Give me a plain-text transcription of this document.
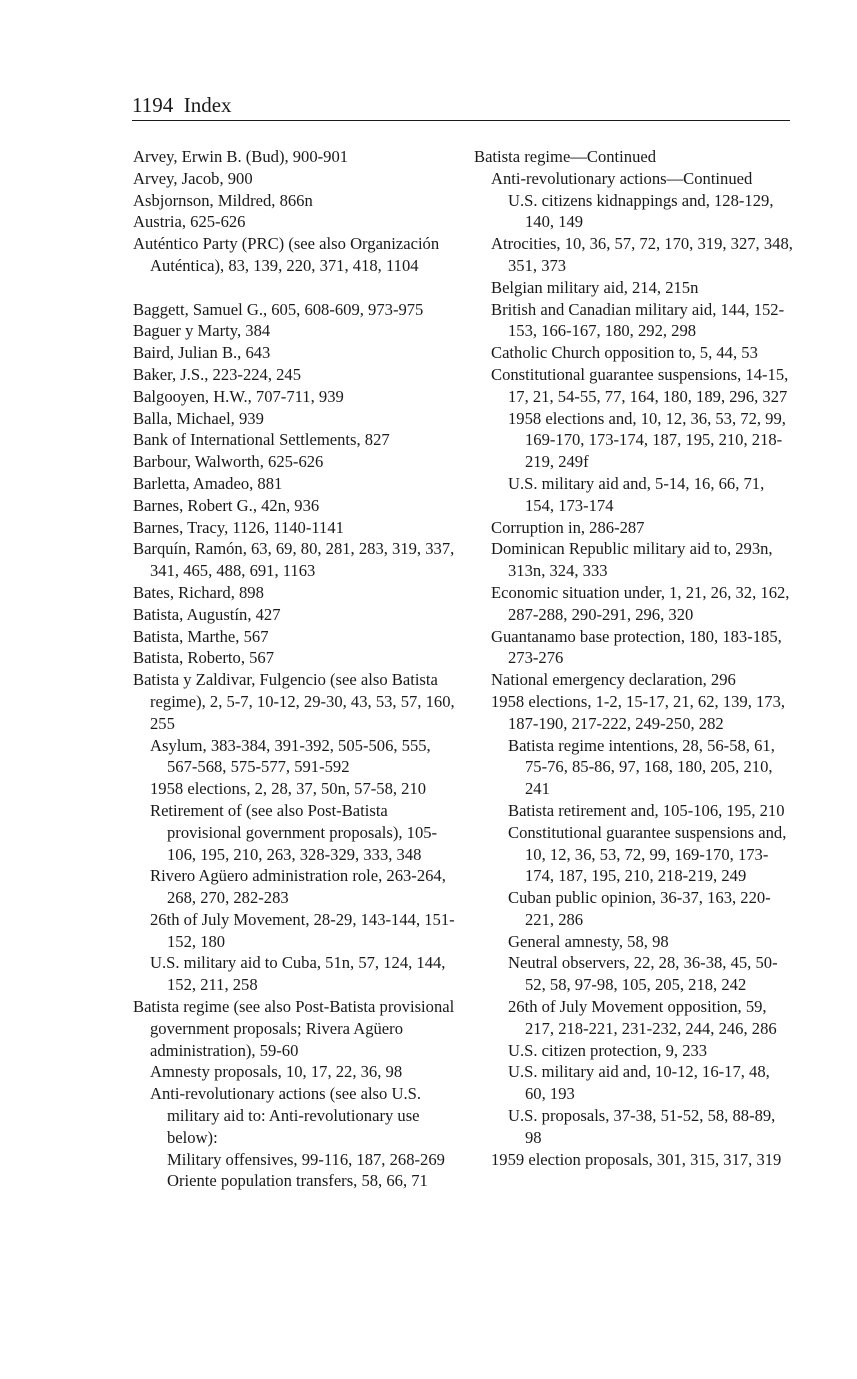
1194 Index

Arvey, Erwin B. (Bud), 900-901

Arvey, Jacob, 900

Asbjornson, Mildred, 866n

Austria, 625-626

Auténtico Party (PRC) (see also Organización Auténtica), 83, 139, 220, 371, 418, 1104

Baggett, Samuel G., 605, 608-609, 973-975

Baguer y Marty, 384

Baird, Julian B., 643

Baker, J.S., 223-224, 245

Balgooyen, H.W., 707-711, 939

Balla, Michael, 939

Bank of International Settlements, 827

Barbour, Walworth, 625-626

Barletta, Amadeo, 881

Barnes, Robert G., 42n, 936

Barnes, Tracy, 1126, 1140-1141

Barquín, Ramón, 63, 69, 80, 281, 283, 319, 337, 341, 465, 488, 691, 1163

Bates, Richard, 898

Batista, Augustín, 427

Batista, Marthe, 567

Batista, Roberto, 567

Batista y Zaldivar, Fulgencio (see also Batista regime), 2, 5-7, 10-12, 29-30, 43, 53, 57, 160, 255

Asylum, 383-384, 391-392, 505-506, 555, 567-568, 575-577, 591-592

1958 elections, 2, 28, 37, 50n, 57-58, 210

Retirement of (see also Post-Batista provisional government proposals), 105-106, 195, 210, 263, 328-329, 333, 348

Rivero Agüero administration role, 263-264, 268, 270, 282-283

26th of July Movement, 28-29, 143-144, 151-152, 180

U.S. military aid to Cuba, 51n, 57, 124, 144, 152, 211, 258

Batista regime (see also Post-Batista provisional government proposals; Rivera Agüero administration), 59-60

Amnesty proposals, 10, 17, 22, 36, 98

Anti-revolutionary actions (see also U.S. military aid to: Anti-revolutionary use below):

Military offensives, 99-116, 187, 268-269

Oriente population transfers, 58, 66, 71

Batista regime—Continued

Anti-revolutionary actions—Continued

U.S. citizens kidnappings and, 128-129, 140, 149

Atrocities, 10, 36, 57, 72, 170, 319, 327, 348, 351, 373

Belgian military aid, 214, 215n

British and Canadian military aid, 144, 152-153, 166-167, 180, 292, 298

Catholic Church opposition to, 5, 44, 53

Constitutional guarantee suspensions, 14-15, 17, 21, 54-55, 77, 164, 180, 189, 296, 327

1958 elections and, 10, 12, 36, 53, 72, 99, 169-170, 173-174, 187, 195, 210, 218-219, 249f

U.S. military aid and, 5-14, 16, 66, 71, 154, 173-174

Corruption in, 286-287

Dominican Republic military aid to, 293n, 313n, 324, 333

Economic situation under, 1, 21, 26, 32, 162, 287-288, 290-291, 296, 320

Guantanamo base protection, 180, 183-185, 273-276

National emergency declaration, 296

1958 elections, 1-2, 15-17, 21, 62, 139, 173, 187-190, 217-222, 249-250, 282

Batista regime intentions, 28, 56-58, 61, 75-76, 85-86, 97, 168, 180, 205, 210, 241

Batista retirement and, 105-106, 195, 210

Constitutional guarantee suspensions and, 10, 12, 36, 53, 72, 99, 169-170, 173-174, 187, 195, 210, 218-219, 249

Cuban public opinion, 36-37, 163, 220-221, 286

General amnesty, 58, 98

Neutral observers, 22, 28, 36-38, 45, 50-52, 58, 97-98, 105, 205, 218, 242

26th of July Movement opposition, 59, 217, 218-221, 231-232, 244, 246, 286

U.S. citizen protection, 9, 233

U.S. military aid and, 10-12, 16-17, 48, 60, 193

U.S. proposals, 37-38, 51-52, 58, 88-89, 98

1959 election proposals, 301, 315, 317, 319
